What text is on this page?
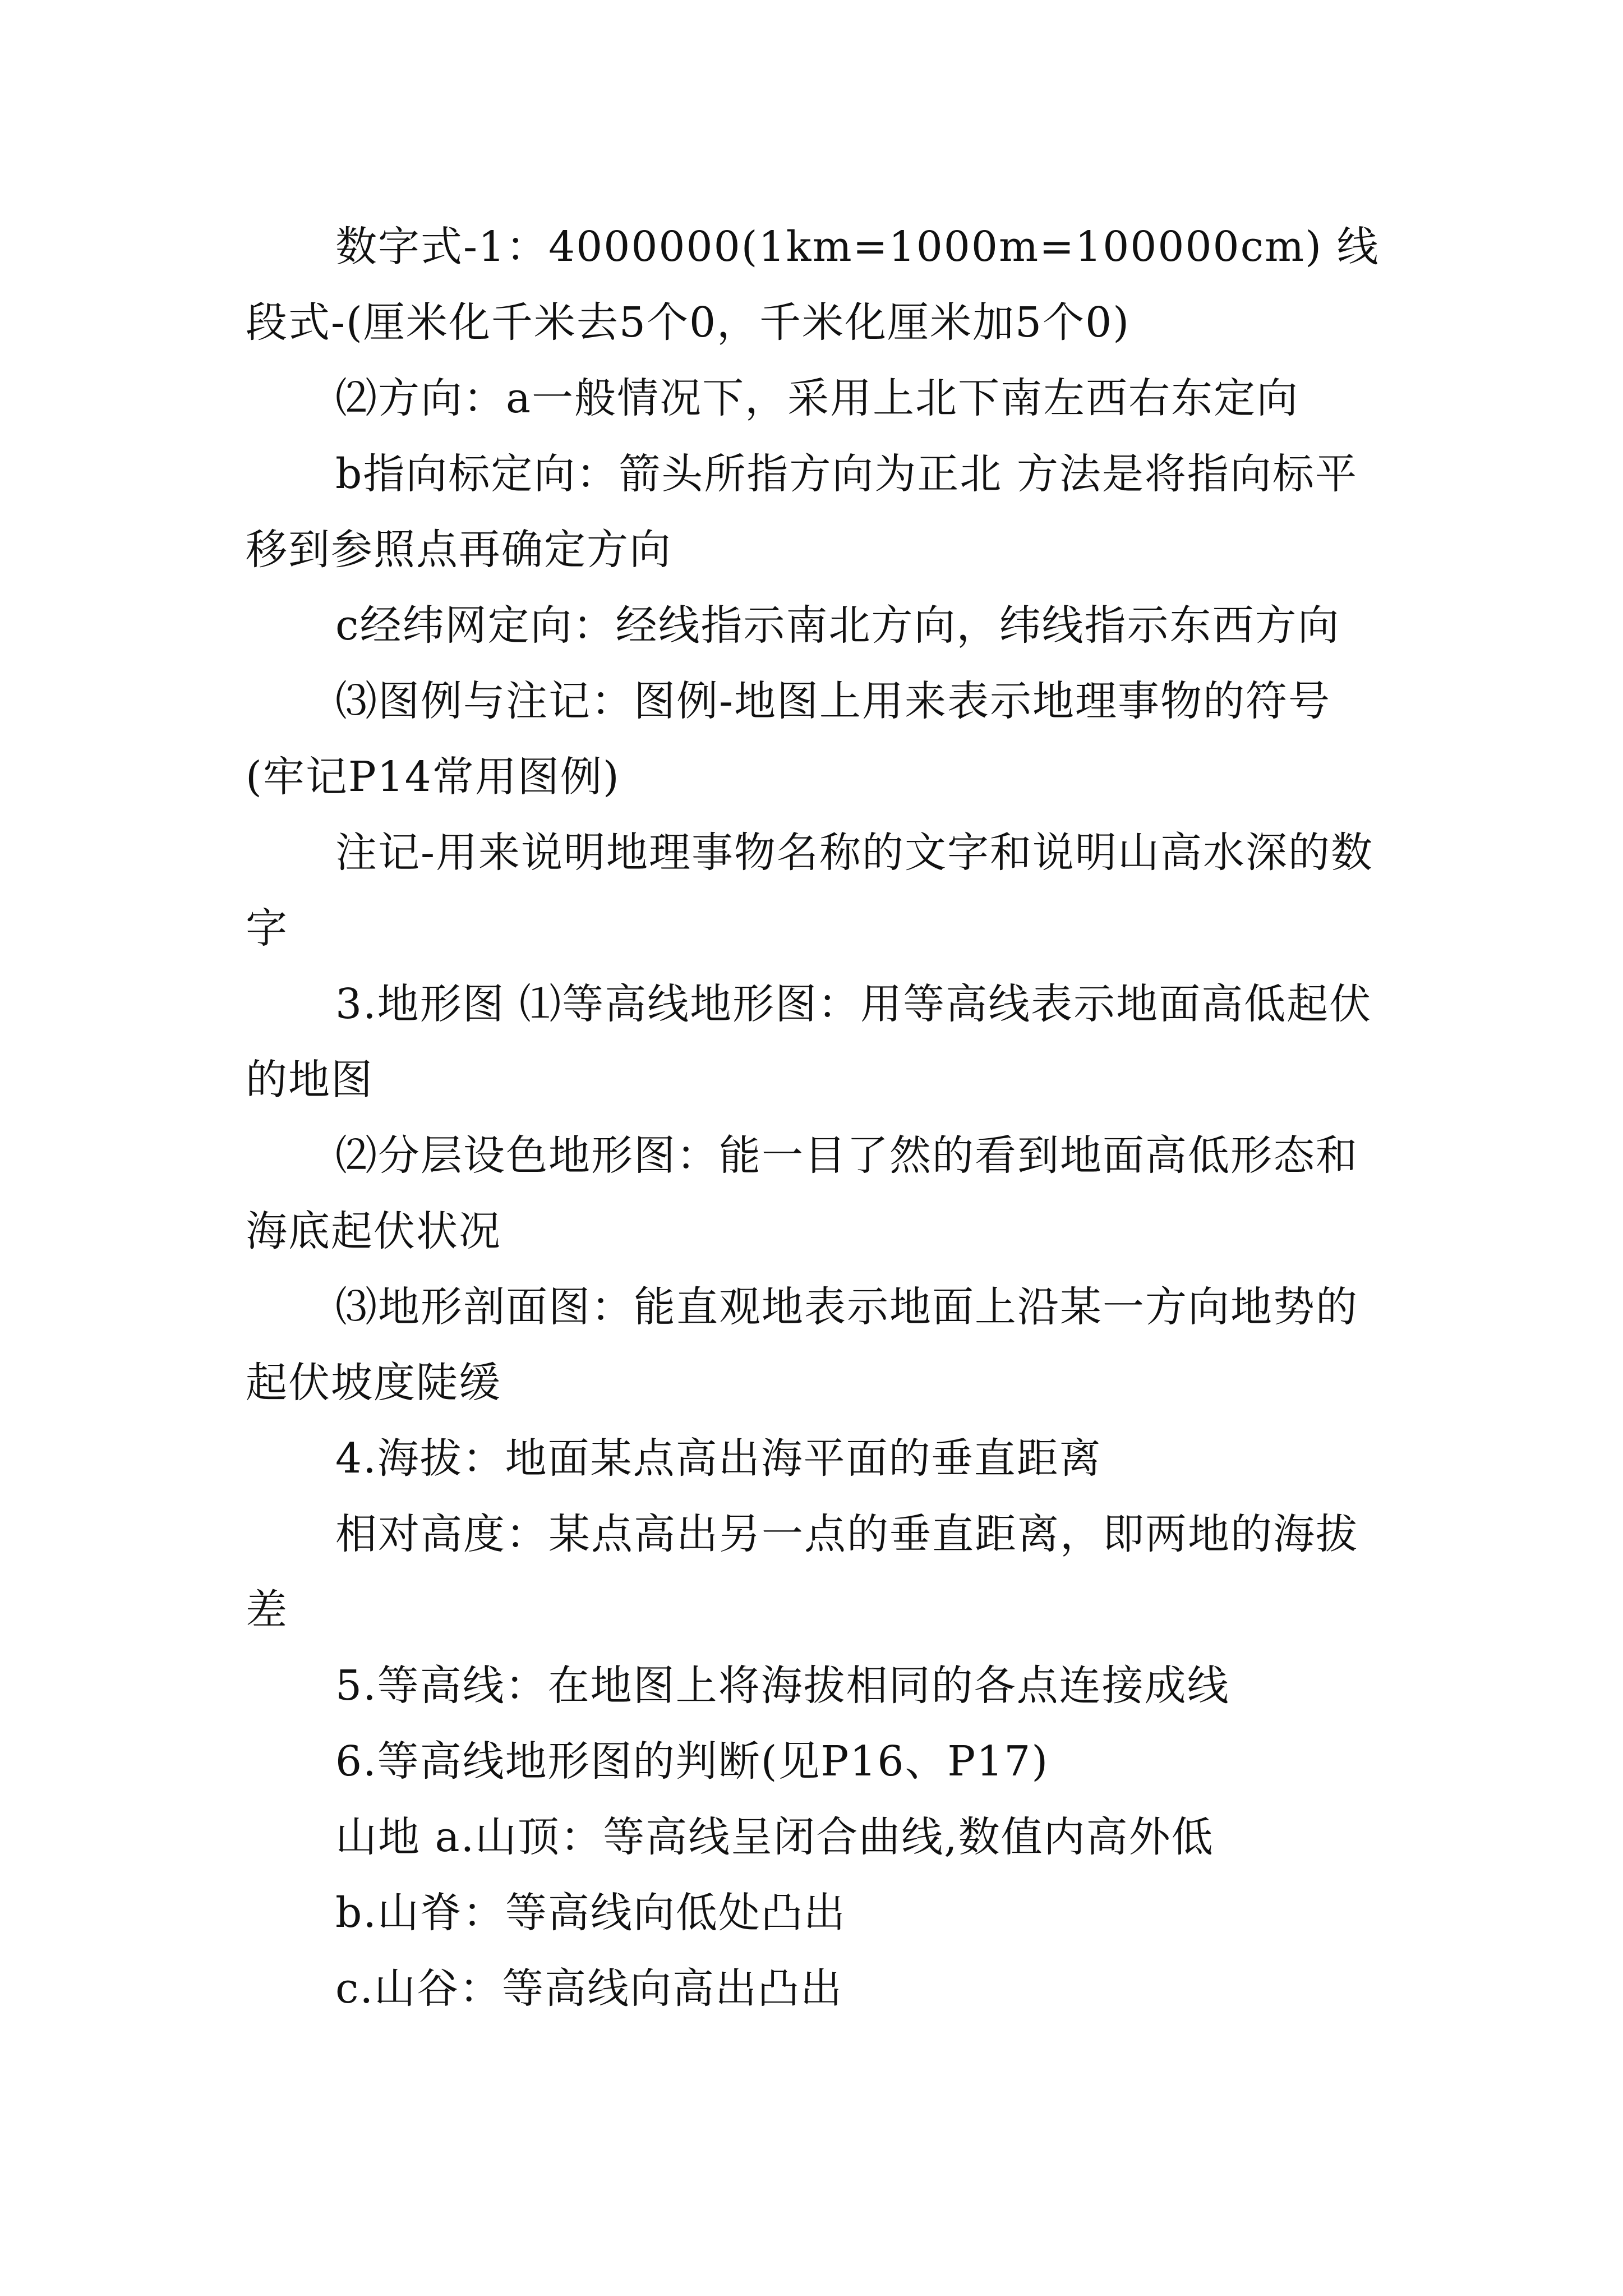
数字式-1：4000000(1km=1000m=100000cm) 线段式-(厘米化千米去5个0，千米化厘米加5个0)

⑵方向：a一般情况下，采用上北下南左西右东定向

b指向标定向：箭头所指方向为正北 方法是将指向标平移到参照点再确定方向

c经纬网定向：经线指示南北方向，纬线指示东西方向

⑶图例与注记：图例-地图上用来表示地理事物的符号(牢记P14常用图例)

注记-用来说明地理事物名称的文字和说明山高水深的数字

3.地形图 ⑴等高线地形图：用等高线表示地面高低起伏的地图

⑵分层设色地形图：能一目了然的看到地面高低形态和海底起伏状况

⑶地形剖面图：能直观地表示地面上沿某一方向地势的起伏坡度陡缓

4.海拔：地面某点高出海平面的垂直距离

相对高度：某点高出另一点的垂直距离，即两地的海拔差

5.等高线：在地图上将海拔相同的各点连接成线

6.等高线地形图的判断(见P16、P17)

山地 a.山顶：等高线呈闭合曲线,数值内高外低

b.山脊：等高线向低处凸出

c.山谷：等高线向高出凸出
